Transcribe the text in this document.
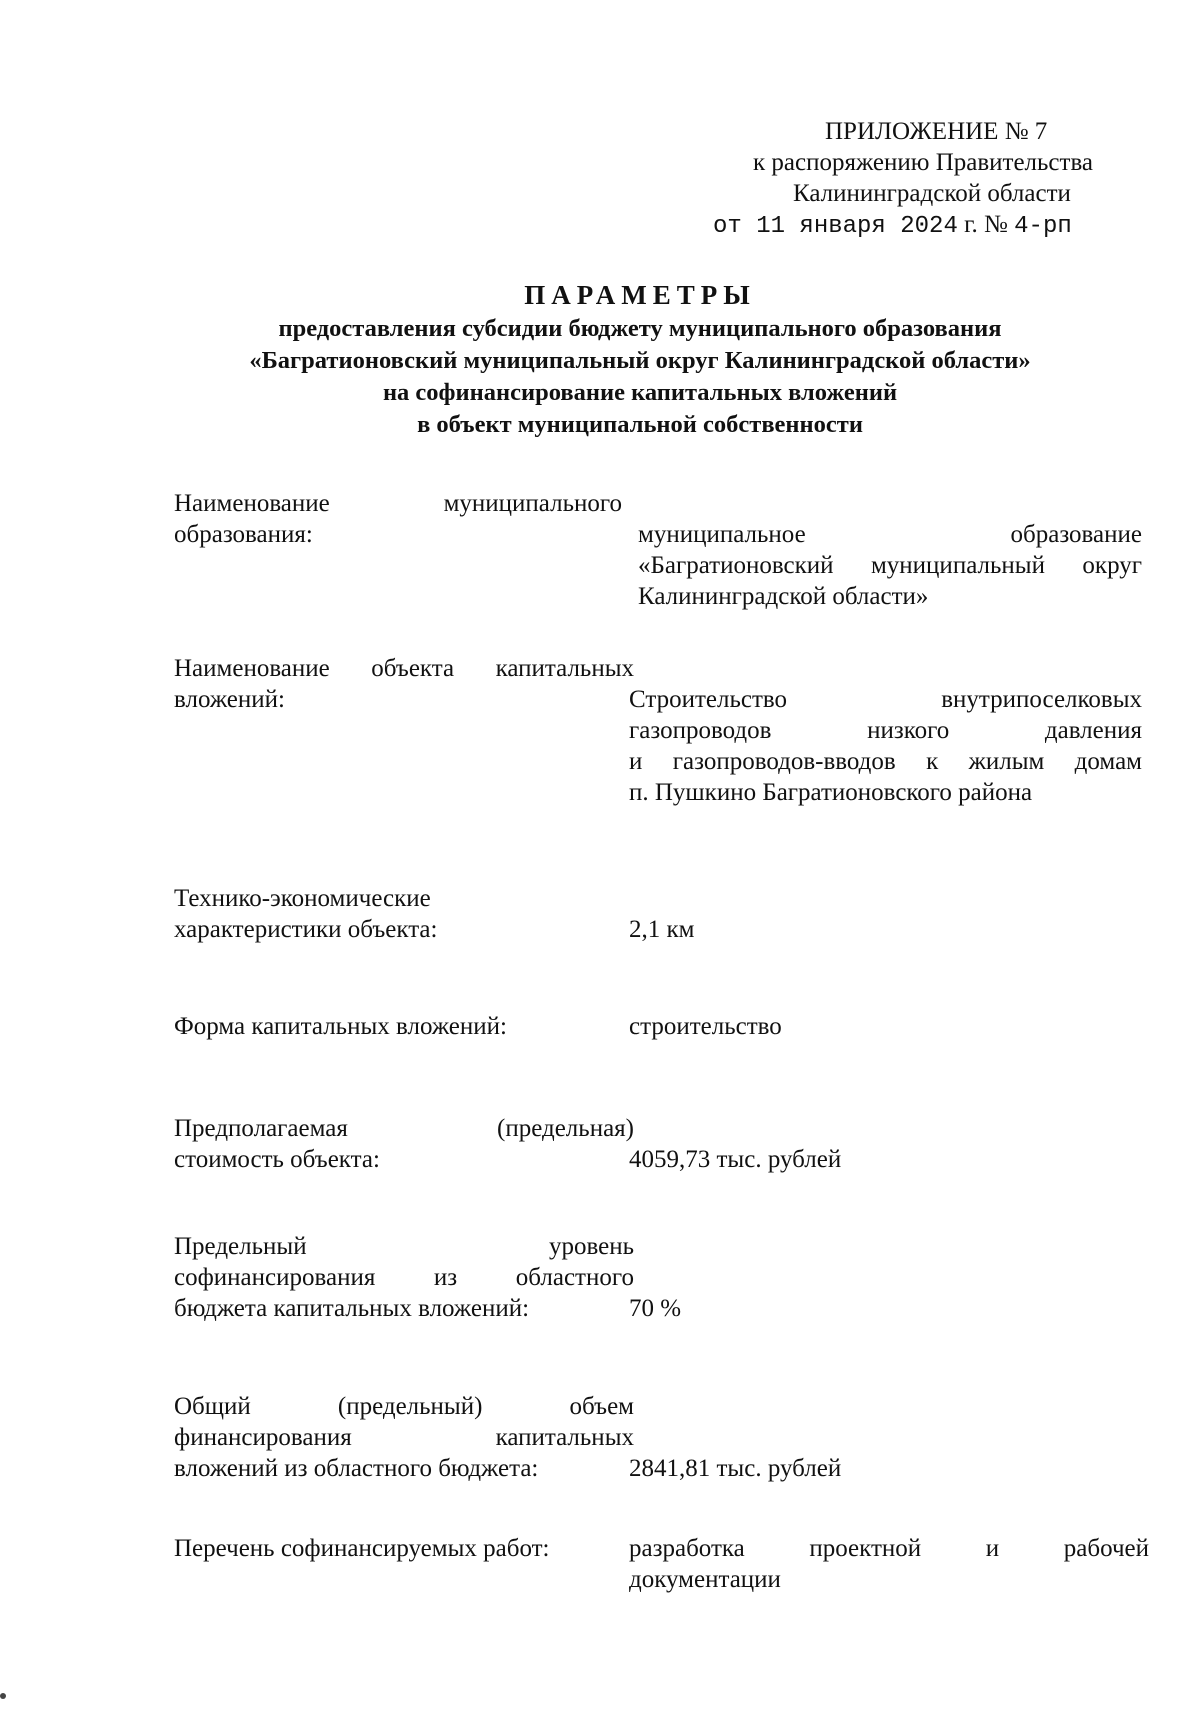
ПРИЛОЖЕНИЕ № 7
к распоряжению Правительства
Калининградской области
от 11 января 2024 г. № 4-рп
ПАРАМЕТРЫ
предоставления субсидии бюджету муниципального образования
«Багратионовский муниципальный округ Калининградской области»
на софинансирование капитальных вложений
в объект муниципальной собственности
Наименование муниципального
образования:	муниципальное образование
«Багратионовский муниципальный округ
Калининградской области»
Наименование объекта капитальных
вложений:	Строительство внутрипоселковых
газопроводов низкого давления
и газопроводов-вводов к жилым домам
п. Пушкино Багратионовского района
Технико-экономические
характеристики объекта:	2,1 км
Форма капитальных вложений:	строительство
Предполагаемая (предельная)
стоимость объекта:	4059,73 тыс. рублей
Предельный уровень
софинансирования из областного
бюджета капитальных вложений:	70 %
Общий (предельный) объем
финансирования капитальных
вложений из областного бюджета:	2841,81 тыс. рублей
Перечень софинансируемых работ:	разработка проектной и рабочей
документации
